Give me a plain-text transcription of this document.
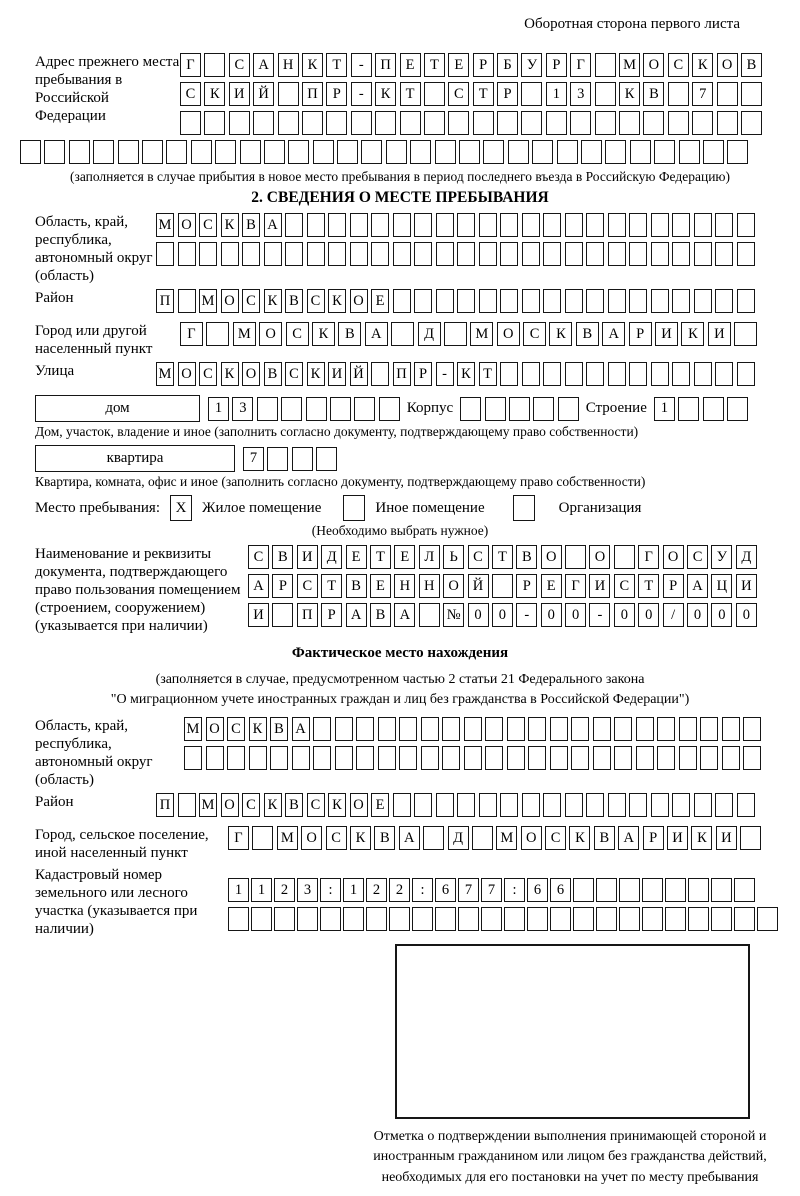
Оборотная сторона первого листа
Адрес прежнего места пребывания в Российской Федерации
Г	С А Н К	Т	-	П	Е	Т	Е	Р	Б	У	Р	Г	М О С	К О В
С	К И Й	П	Р	-	К	Т	С	Т	Р	1	3	К	В	7
(заполняется в случае прибытия в новое место пребывания в период последнего въезда в Российскую Федерацию)
2. СВЕДЕНИЯ О МЕСТЕ ПРЕБЫВАНИЯ
Область, край, республика, автономный округ (область)
М О С К В А
Район	П М О С К В С К О Е
Город или другой населенный пункт
Г	М	О	С	К	В	А	Д	М	О	С	К	В	А	Р	И	К	И
Улица	М О С К О В С К И Й П Р	- К Т
дом	1	3	Корпус	Строение 1
Дом, участок, владение и иное (заполнить согласно документу, подтверждающему право собственности)
квартира	7
Квартира, комната, офис и иное (заполнить согласно документу, подтверждающему право собственности)
Место пребывания:	X	Жилое помещение	Иное помещение	Организация
(Необходимо выбрать нужное)
Наименование и реквизиты документа, подтверждающего право пользования помещением (строением, сооружением) (указывается при наличии)
С	В И Д	Е	Т	Е	Л	Ь	С	Т	В О	О	Г	О С У Д
А	Р	С	Т	В	Е	Н Н О Й	Р	Е	Г	И С	Т	Р	А Ц И
И	П	Р	А В А	№ 0	0	-	0	0	-	0	0	/	0	0	0
Фактическое место нахождения
(заполняется в случае, предусмотренном частью 2 статьи 21 Федерального закона
"О миграционном учете иностранных граждан и лиц без гражданства в Российской Федерации")
Область, край, республика, автономный округ (область)
М О С К В А
Район	П М О С К В С К О Е
Город, сельское поселение, иной населенный пункт
Г	М О С	К	В А	Д	М О С	К	В А	Р	И К И
Кадастровый номер земельного или лесного участка (указывается при наличии)
1	1	2	3	:	1	2	2	:	6	7	7	:	6	6
Отметка о подтверждении выполнения принимающей стороной и иностранным гражданином или лицом без гражданства действий, необходимых для его постановки на учет по месту пребывания
